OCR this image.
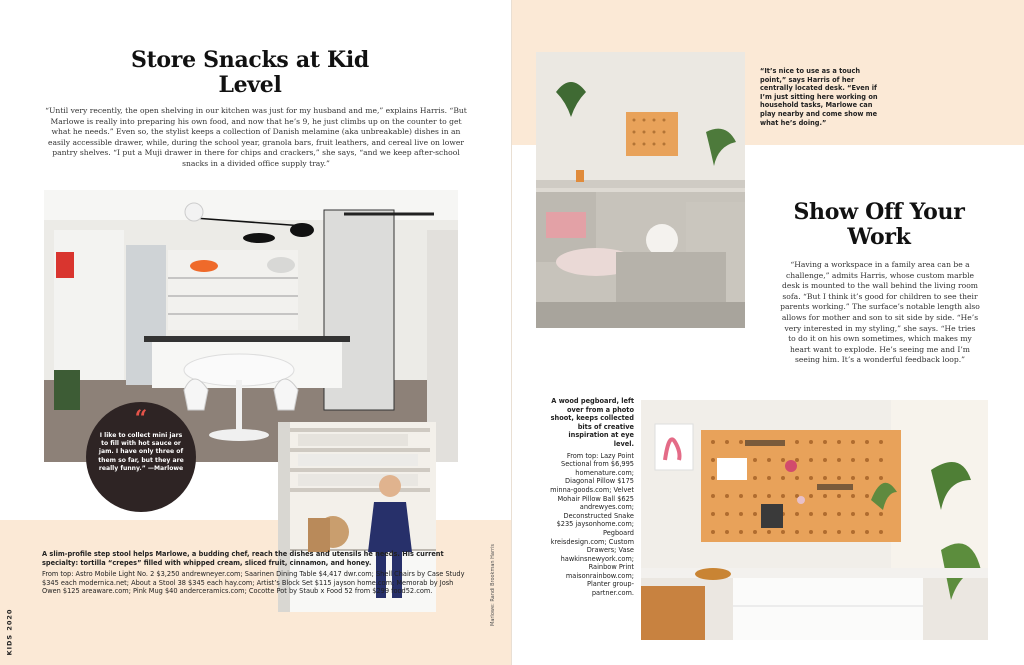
Store Snacks at Kid Level
“Until very recently, the open shelving in our kitchen was just for my husband and me,” explains Harris. “But Marlowe is really into preparing his own food, and now that he’s 9, he just climbs up on the counter to get what he needs.” Even so, the stylist keeps a collection of Danish melamine (aka unbreakable) dishes in an easily accessible drawer, while, during the school year, granola bars, fruit leathers, and cereal live on lower pantry shelves. “I put a Muji drawer in there for chips and crackers,” she says, “and we keep after-school snacks in a divided office supply tray.”
“
I like to collect mini jars to fill with hot sauce or jam. I have only three of them so far, but they are really funny.” —Marlowe
A slim-profile step stool helps Marlowe, a budding chef, reach the dishes and utensils he needs. His current specialty: tortilla “crepes” filled with whipped cream, sliced fruit, cinnamon, and honey.
From top: Astro Mobile Light No. 2 $3,250 andrewneyer.com; Saarinen Dining Table $4,417 dwr.com; Shell Chairs by Case Study $345 each modernica.net; About a Stool 38 $345 each hay.com; Artist’s Block Set $115 jayson home.com; Memorab by Josh Owen $125 areaware.com; Pink Mug $40 anderceramics.com; Cocotte Pot by Staub x Food 52 from $299 food52.com.
KIDS 2020
Marlowe: Randi Brookman Harris
“It’s nice to use as a touch point,” says Harris of her centrally located desk. “Even if I’m just sitting here working on household tasks, Marlowe can play nearby and come show me what he’s doing.”
Show Off Your Work
“Having a workspace in a family area can be a challenge,” admits Harris, whose custom marble desk is mounted to the wall behind the living room sofa. “But I think it’s good for children to see their parents working.” The surface’s notable length also allows for mother and son to sit side by side. “He’s very interested in my styling,” she says. “He tries to do it on his own sometimes, which makes my heart want to explode. He’s seeing me and I’m seeing him. It’s a wonderful feedback loop.”
A wood pegboard, left over from a photo shoot, keeps collected bits of creative inspiration at eye level.
From top: Lazy Point Sectional from $6,995 homenature.com; Diagonal Pillow $175 minna-goods.com; Velvet Mohair Pillow Ball $625 andrewyes.com; Deconstructed Snake $235 jaysonhome.com; Pegboard kreisdesign.com; Custom Drawers; Vase hawkinsnewyork.com; Rainbow Print maisonrainbow.com; Planter group-partner.com.
